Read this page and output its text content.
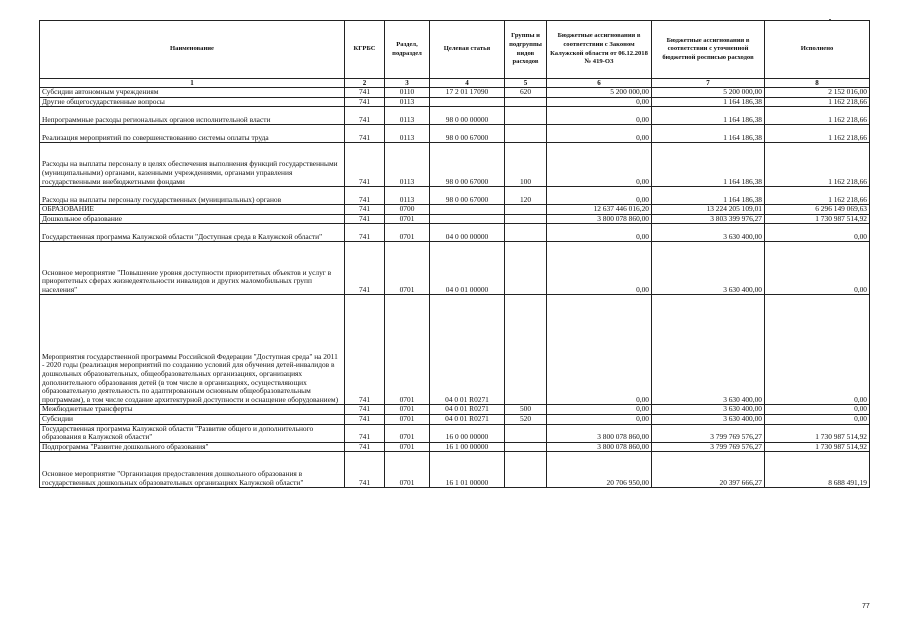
Наименование	КГРБС	Раздел, подраздел	Целевая статья	Группы и подгруппы видов расходов	Бюджетные ассигнования в соответствии с Законом Калужской области от 06.12.2018 № 419-ОЗ	Бюджетные ассигнования в соответствии с уточненной бюджетной росписью расходов	Исполнено
1	2	3	4	5	6	7	8
Субсидии автономным учреждениям	741	0110	17 2 01 17090	620	5 200 000,00	5 200 000,00	2 152 016,00
Другие общегосударственные вопросы	741	0113			0,00	1 164 186,38	1 162 218,66
Непрограммные расходы региональных органов исполнительной власти	741	0113	98 0 00 00000		0,00	1 164 186,38	1 162 218,66
Реализация мероприятий по совершенствованию системы оплаты труда	741	0113	98 0 00 67000		0,00	1 164 186,38	1 162 218,66
Расходы на выплаты персоналу в целях обеспечения выполнения функций государственными (муниципальными) органами, казенными учреждениями, органами управления государственными внебюджетными фондами	741	0113	98 0 00 67000	100	0,00	1 164 186,38	1 162 218,66
Расходы на выплаты персоналу государственных (муниципальных) органов	741	0113	98 0 00 67000	120	0,00	1 164 186,38	1 162 218,66
ОБРАЗОВАНИЕ	741	0700			12 637 446 016,20	13 224 205 109,01	6 296 149 069,63
Дошкольное образование	741	0701			3 800 078 860,00	3 803 399 976,27	1 730 987 514,92
Государственная программа Калужской области "Доступная среда в Калужской области"	741	0701	04 0 00 00000		0,00	3 630 400,00	0,00
Основное мероприятие "Повышение уровня доступности приоритетных объектов и услуг в приоритетных сферах жизнедеятельности инвалидов и других маломобильных групп населения"	741	0701	04 0 01 00000		0,00	3 630 400,00	0,00
Мероприятия государственной программы Российской Федерации "Доступная среда" на 2011 - 2020 годы (реализация мероприятий по созданию условий для обучения детей-инвалидов в дошкольных образовательных, общеобразовательных организациях, организациях дополнительного образования детей (в том числе в организациях, осуществляющих образовательную деятельность по адаптированным основным общеобразовательным программам), в том числе создание архитектурной доступности и оснащение оборудованием)	741	0701	04 0 01 R0271		0,00	3 630 400,00	0,00
Межбюджетные трансферты	741	0701	04 0 01 R0271	500	0,00	3 630 400,00	0,00
Субсидии	741	0701	04 0 01 R0271	520	0,00	3 630 400,00	0,00
Государственная программа Калужской области "Развитие общего и дополнительного образования в Калужской области"	741	0701	16 0 00 00000		3 800 078 860,00	3 799 769 576,27	1 730 987 514,92
Подпрограмма "Развитие дошкольного образования"	741	0701	16 1 00 00000		3 800 078 860,00	3 799 769 576,27	1 730 987 514,92
Основное мероприятие "Организация предоставления дошкольного образования в государственных дошкольных образовательных организациях Калужской области"	741	0701	16 1 01 00000		20 706 950,00	20 397 666,27	8 688 491,19
77
